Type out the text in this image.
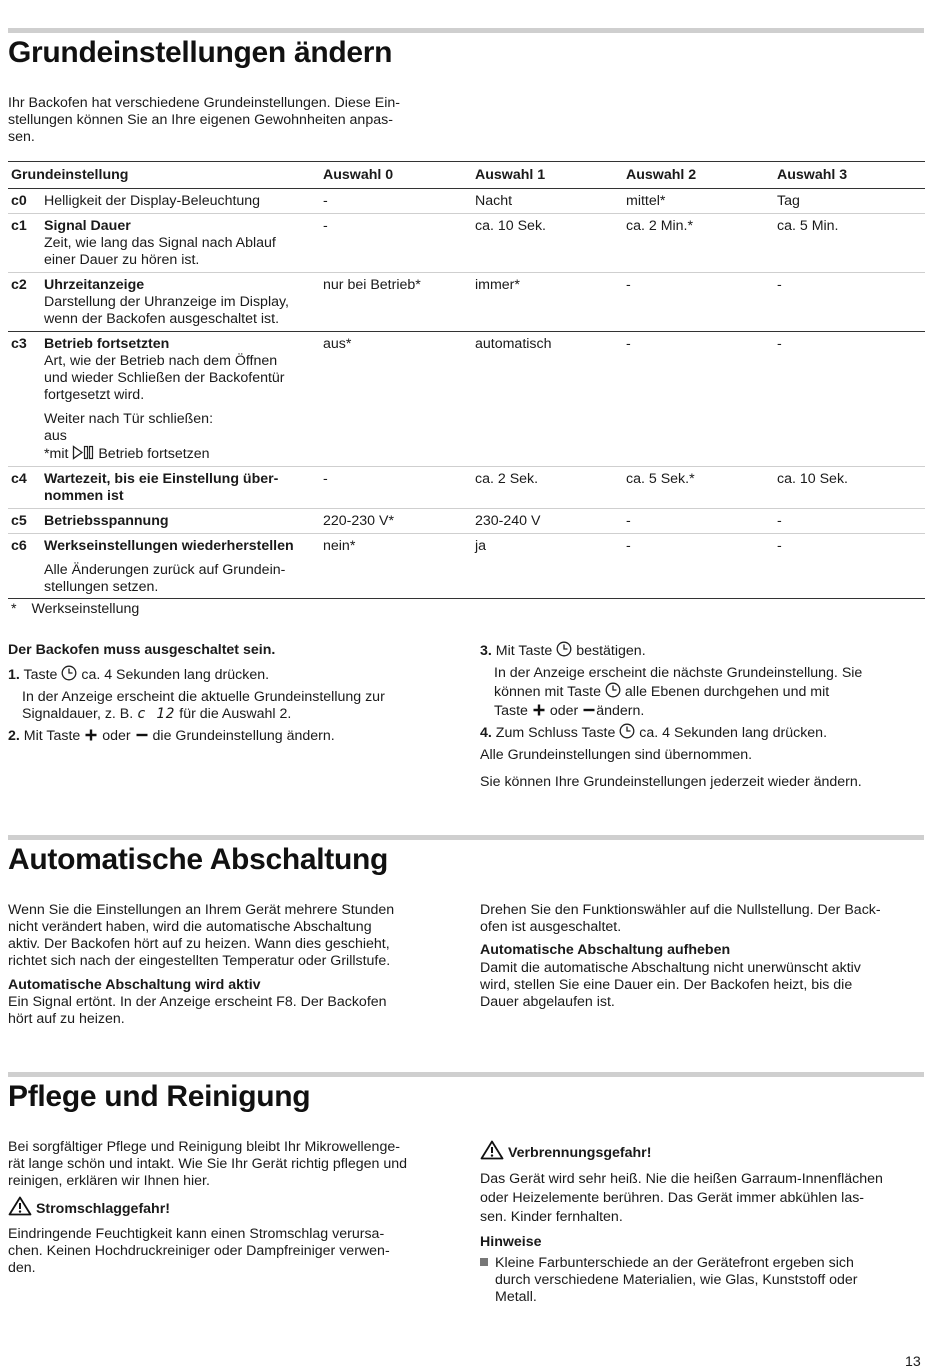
Grundeinstellungen ändern
Ihr Backofen hat verschiedene Grundeinstellungen. Diese Ein-
stellungen können Sie an Ihre eigenen Gewohnheiten anpas-
sen.
Grundeinstellung	Auswahl 0	Auswahl 1	Auswahl 2	Auswahl 3
c0 Helligkeit der Display-Beleuchtung	-	Nacht	mittel*	Tag
c1 Signal Dauer
Zeit, wie lang das Signal nach Ablauf
einer Dauer zu hören ist.
-	ca. 10 Sek.	ca. 2 Min.*	ca. 5 Min.
c2 Uhrzeitanzeige
Darstellung der Uhranzeige im Display,
wenn der Backofen ausgeschaltet ist.
nur bei Betrieb*	immer*	-	-
c3 Betrieb fortsetzten
Art, wie der Betrieb nach dem Öffnen
und wieder Schließen der Backofentür
fortgesetzt wird.
Weiter nach Tür schließen:
aus
*mit Betrieb fortsetzen
aus*	automatisch	-	-
c4 Wartezeit, bis eie Einstellung über-
nommen ist
-	ca. 2 Sek.	ca. 5 Sek.*	ca. 10 Sek.
c5 Betriebsspannung	220-230 V*	230-240 V	-	-
c6 Werkseinstellungen wiederherstellen
Alle Änderungen zurück auf Grundein-
stellungen setzen.
nein*	ja	-	-
* Werkseinstellung
Der Backofen muss ausgeschaltet sein.
1. Taste ca. 4 Sekunden lang drücken.
In der Anzeige erscheint die aktuelle Grundeinstellung zur
Signaldauer, z. B. c 12 für die Auswahl 2.
2. Mit Taste oder die Grundeinstellung ändern.
3. Mit Taste bestätigen.
In der Anzeige erscheint die nächste Grundeinstellung. Sie
können mit Taste alle Ebenen durchgehen und mit
Taste oder ändern.
4. Zum Schluss Taste ca. 4 Sekunden lang drücken.
Alle Grundeinstellungen sind übernommen.
Sie können Ihre Grundeinstellungen jederzeit wieder ändern.
Automatische Abschaltung
Wenn Sie die Einstellungen an Ihrem Gerät mehrere Stunden
nicht verändert haben, wird die automatische Abschaltung
aktiv. Der Backofen hört auf zu heizen. Wann dies geschieht,
richtet sich nach der eingestellten Temperatur oder Grillstufe.
Automatische Abschaltung wird aktiv
Ein Signal ertönt. In der Anzeige erscheint F8. Der Backofen
hört auf zu heizen.
Drehen Sie den Funktionswähler auf die Nullstellung. Der Back-
ofen ist ausgeschaltet.
Automatische Abschaltung aufheben
Damit die automatische Abschaltung nicht unerwünscht aktiv
wird, stellen Sie eine Dauer ein. Der Backofen heizt, bis die
Dauer abgelaufen ist.
Pflege und Reinigung
Bei sorgfältiger Pflege und Reinigung bleibt Ihr Mikrowellenge-
rät lange schön und intakt. Wie Sie Ihr Gerät richtig pflegen und
reinigen, erklären wir Ihnen hier.
Stromschlaggefahr!
Eindringende Feuchtigkeit kann einen Stromschlag verursa-
chen. Keinen Hochdruckreiniger oder Dampfreiniger verwen-
den.
Verbrennungsgefahr!
Das Gerät wird sehr heiß. Nie die heißen Garraum-Innenflächen
oder Heizelemente berühren. Das Gerät immer abkühlen las-
sen. Kinder fernhalten.
Hinweise
Kleine Farbunterschiede an der Gerätefront ergeben sich
durch verschiedene Materialien, wie Glas, Kunststoff oder
Metall.
13
